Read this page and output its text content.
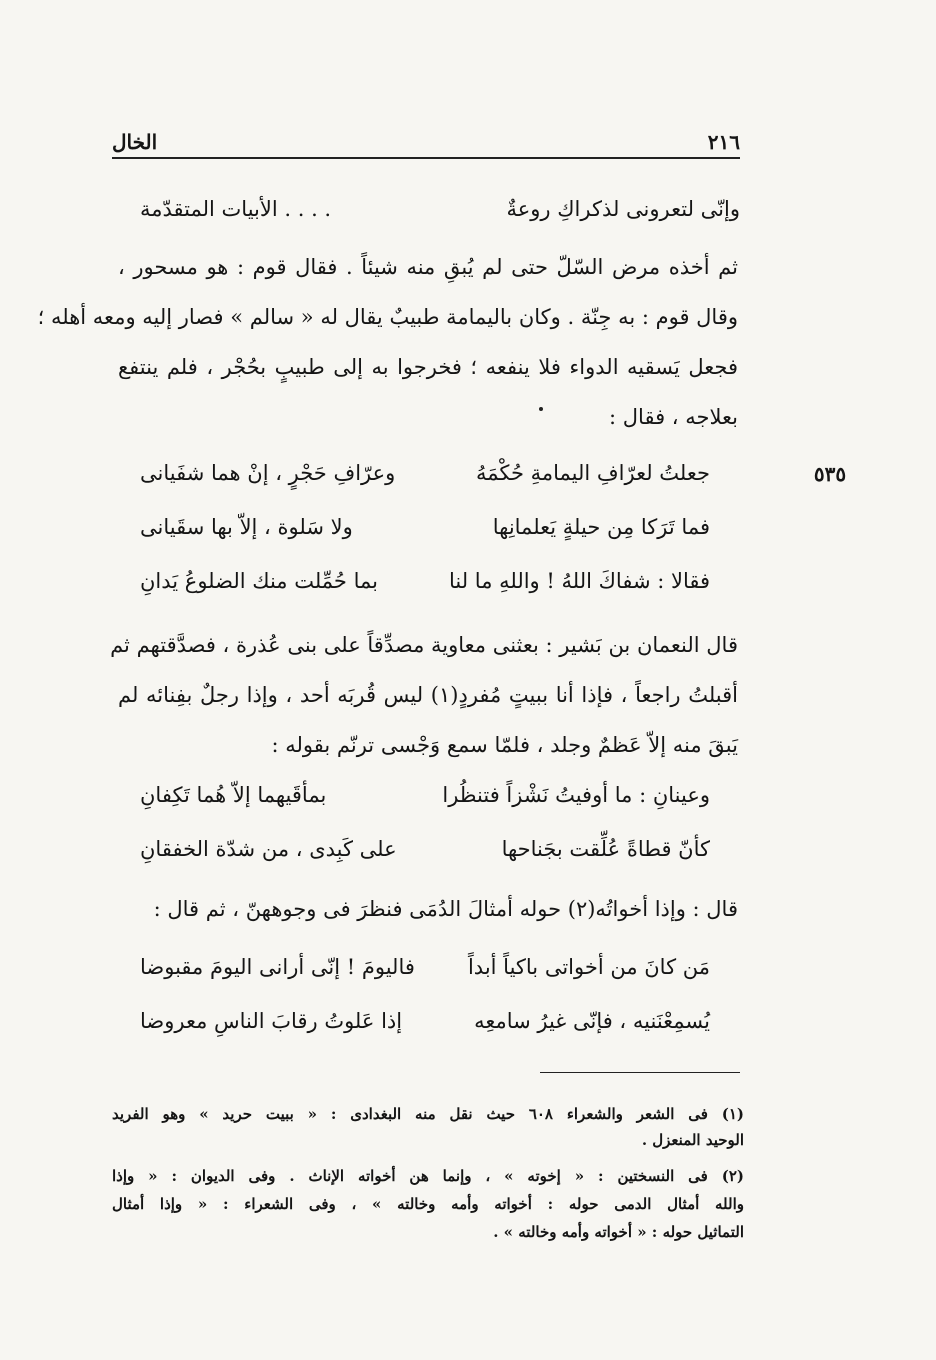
٢١٦
الخال
٥٣٥
وإنّى لتعرونى لذكراكِ روعةٌ
. . . . الأبيات المتقدّمة
ثم أخذه مرض السّلّ حتى لم يُبقِ منه شيئاً . فقال قوم : هو مسحور ،
وقال قوم : به جِنّة . وكان باليمامة طبيبٌ يقال له « سالم » فصار إليه ومعه أهله ؛
فجعل يَسقيه الدواء فلا ينفعه ؛ فخرجوا به إلى طبيبٍ بحُجْر ، فلم ينتفع
بعلاجه ، فقال :
جعلتُ لعرّافِ اليمامةِ حُكْمَهُ
وعرّافِ حَجْرٍ ، إنْ هما شفَيانى
فما تَرَكا مِن حيلةٍ يَعلمانِها
ولا سَلوة ، إلاّ بها سقَيانى
فقالا : شفاكَ اللهُ ! واللهِ ما لنا
بما حُمِّلت منك الضلوعُ يَدانِ
قال النعمان بن بَشير : بعثنى معاوية مصدِّقاً على بنى عُذرة ، فصدَّقتهم ثم
أقبلتُ راجعاً ، فإذا أنا ببيتٍ مُفردٍ(١) ليس قُربَه أحد ، وإذا رجلٌ بفِنائه لم
يَبقَ منه إلاّ عَظمٌ وجلد ، فلمّا سمع وَجْسى ترنّم بقوله :
وعينانِ : ما أوفيتُ نَشْزاً فتنظُرا
بمأقَيهما إلاّ هُما تَكِفانِ
كأنّ قطاةً عُلِّقت بجَناحها
على كَبِدى ، من شدّة الخفقانِ
قال : وإذا أخواتُه(٢) حوله أمثالَ الدُمَى فنظرَ فى وجوههنّ ، ثم قال :
مَن كانَ من أخواتى باكياً أبداً
فاليومَ ! إنّى أرانى اليومَ مقبوضا
يُسمِعْنَنيه ، فإنّى غيرُ سامعِه
إذا عَلوتُ رقابَ الناسِ معروضا
(١) فى الشعر والشعراء ٦٠٨ حيث نقل منه البغدادى : « ببيت حريد » وهو الفريد
الوحيد المنعزل .
(٢) فى النسختين : « إخوته » ، وإنما هن أخواته الإناث . وفى الديوان : « وإذا
والله أمثال الدمى حوله : أخواته وأمه وخالته » ، وفى الشعراء : « وإذا أمثال
التماثيل حوله : « أخواته وأمه وخالته » .
